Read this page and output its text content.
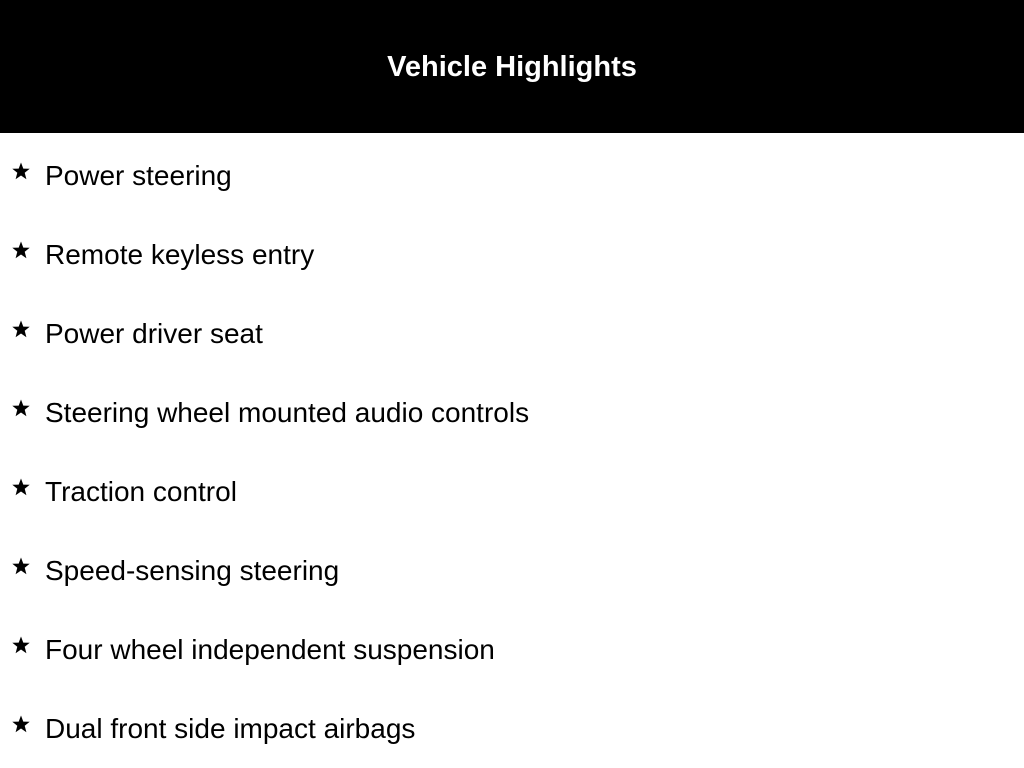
Vehicle Highlights
Power steering
Remote keyless entry
Power driver seat
Steering wheel mounted audio controls
Traction control
Speed-sensing steering
Four wheel independent suspension
Dual front side impact airbags
